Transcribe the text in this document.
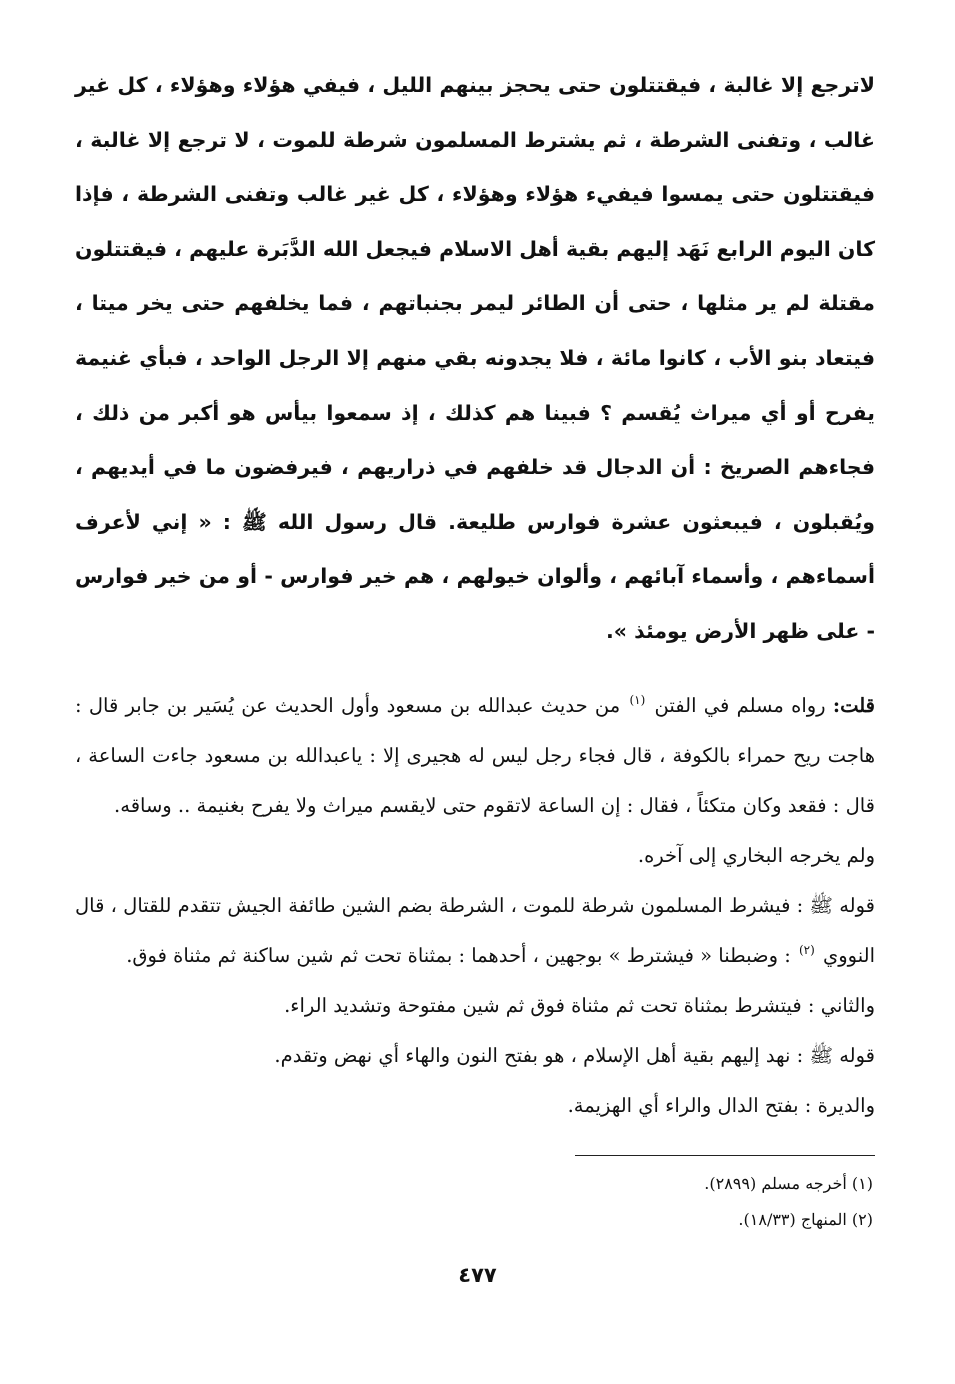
لاترجع إلا غالبة ، فيقتتلون حتى يحجز بينهم الليل ، فيفي هؤلاء وهؤلاء ، كل غير غالب ، وتفنى الشرطة ، ثم يشترط المسلمون شرطة للموت ، لا ترجع إلا غالبة ، فيقتتلون حتى يمسوا فيفيء هؤلاء وهؤلاء ، كل غير غالب وتفنى الشرطة ، فإذا كان اليوم الرابع نَهَد إليهم بقية أهل الاسلام فيجعل الله الدَّبَرة عليهم ، فيقتتلون مقتلة لم ير مثلها ، حتى أن الطائر ليمر بجنباتهم ، فما يخلفهم حتى يخر ميتا ، فيتعاد بنو الأب ، كانوا مائة ، فلا يجدونه بقي منهم إلا الرجل الواحد ، فبأي غنيمة يفرح أو أي ميراث يُقسم ؟ فبينا هم كذلك ، إذ سمعوا بيأس هو أكبر من ذلك ، فجاءهم الصريخ : أن الدجال قد خلفهم في ذراريهم ، فيرفضون ما في أيديهم ، ويُقبلون ، فيبعثون عشرة فوارس طليعة. قال رسول الله ﷺ : « إني لأعرف أسماءهم ، وأسماء آبائهم ، وألوان خيولهم ، هم خير فوارس - أو من خير فوارس - على ظهر الأرض يومئذ ».

قلت: رواه مسلم في الفتن $^{(١)}$ من حديث عبدالله بن مسعود وأول الحديث عن يُسَير بن جابر قال : هاجت ريح حمراء بالكوفة ، قال فجاء رجل ليس له هجيرى إلا : ياعبدالله بن مسعود جاءت الساعة ، قال : فقعد وكان متكئاً ، فقال : إن الساعة لاتقوم حتى لايقسم ميراث ولا يفرح بغنيمة .. وساقه.

ولم يخرجه البخاري إلى آخره.

قوله ﷺ : فيشرط المسلمون شرطة للموت ، الشرطة بضم الشين طائفة الجيش تتقدم للقتال ، قال النووي $^{(٢)}$ : وضبطنا « فيشترط » بوجهين ، أحدهما : بمثناة تحت ثم شين ساكنة ثم مثناة فوق.

والثاني : فيتشرط بمثناة تحت ثم مثناة فوق ثم شين مفتوحة وتشديد الراء.

قوله ﷺ : نهد إليهم بقية أهل الإسلام ، هو بفتح النون والهاء أي نهض وتقدم.

والديرة : بفتح الدال والراء أي الهزيمة.

(١) أخرجه مسلم (٢٨٩٩).

(٢) المنهاج (١٨/٣٣).

٤٧٧
